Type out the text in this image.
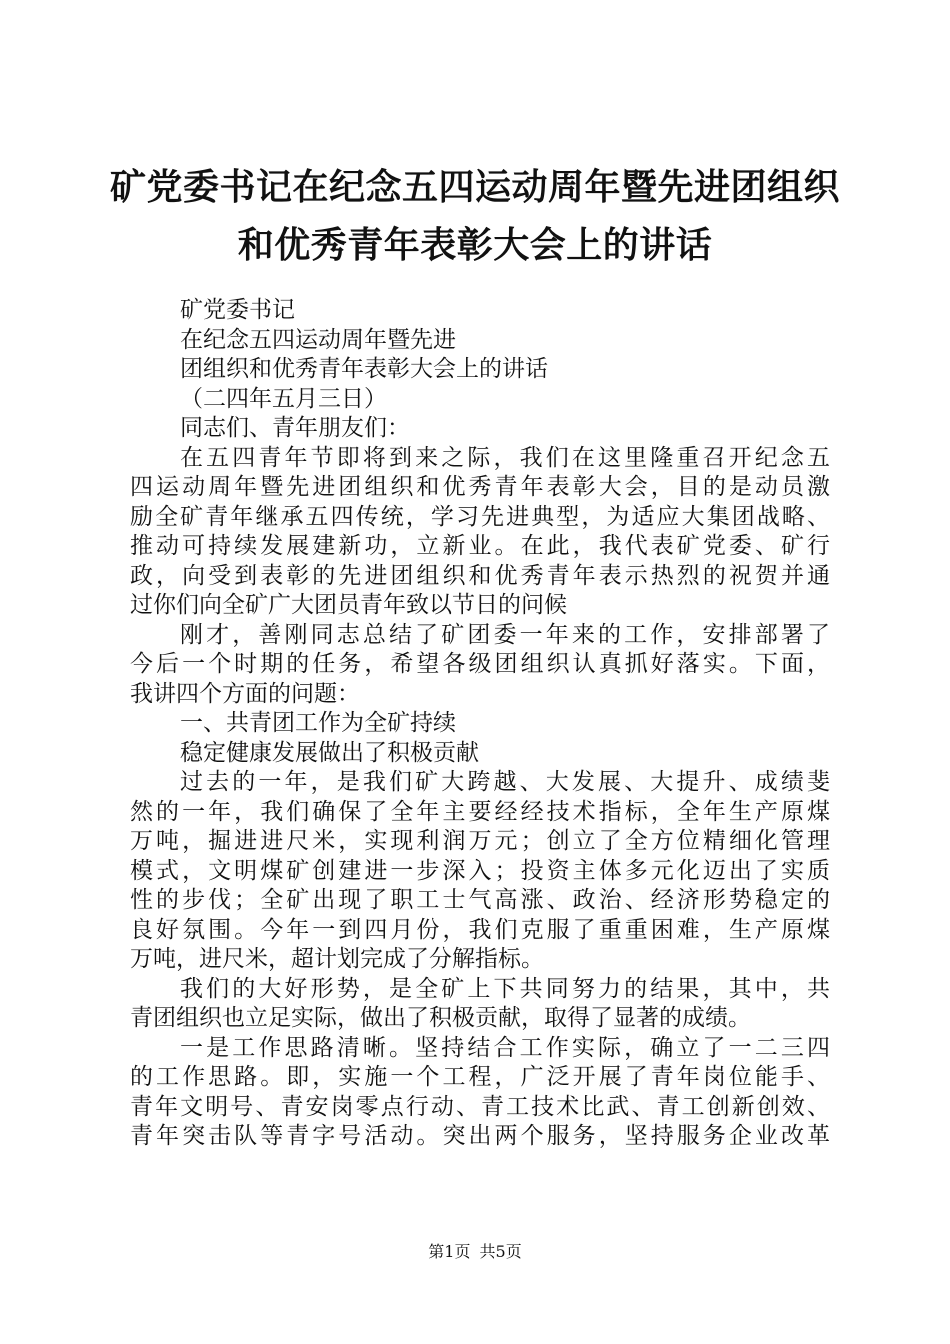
矿党委书记在纪念五四运动周年暨先进团组织
和优秀青年表彰大会上的讲话
矿党委书记
在纪念五四运动周年暨先进
团组织和优秀青年表彰大会上的讲话
（二四年五月三日）
同志们、青年朋友们：
在五四青年节即将到来之际，我们在这里隆重召开纪念五
四运动周年暨先进团组织和优秀青年表彰大会，目的是动员激
励全矿青年继承五四传统，学习先进典型，为适应大集团战略、
推动可持续发展建新功，立新业。在此，我代表矿党委、矿行
政，向受到表彰的先进团组织和优秀青年表示热烈的祝贺并通
过你们向全矿广大团员青年致以节日的问候
刚才，善刚同志总结了矿团委一年来的工作，安排部署了
今后一个时期的任务，希望各级团组织认真抓好落实。下面，
我讲四个方面的问题：
一、共青团工作为全矿持续
稳定健康发展做出了积极贡献
过去的一年，是我们矿大跨越、大发展、大提升、成绩斐
然的一年，我们确保了全年主要经经技术指标，全年生产原煤
万吨，掘进进尺米，实现利润万元；创立了全方位精细化管理
模式，文明煤矿创建进一步深入；投资主体多元化迈出了实质
性的步伐；全矿出现了职工士气高涨、政治、经济形势稳定的
良好氛围。今年一到四月份，我们克服了重重困难，生产原煤
万吨，进尺米，超计划完成了分解指标。
我们的大好形势，是全矿上下共同努力的结果，其中，共
青团组织也立足实际，做出了积极贡献，取得了显著的成绩。
一是工作思路清晰。坚持结合工作实际，确立了一二三四
的工作思路。即，实施一个工程，广泛开展了青年岗位能手、
青年文明号、青安岗零点行动、青工技术比武、青工创新创效、
青年突击队等青字号活动。突出两个服务，坚持服务企业改革
第1页 共5页
